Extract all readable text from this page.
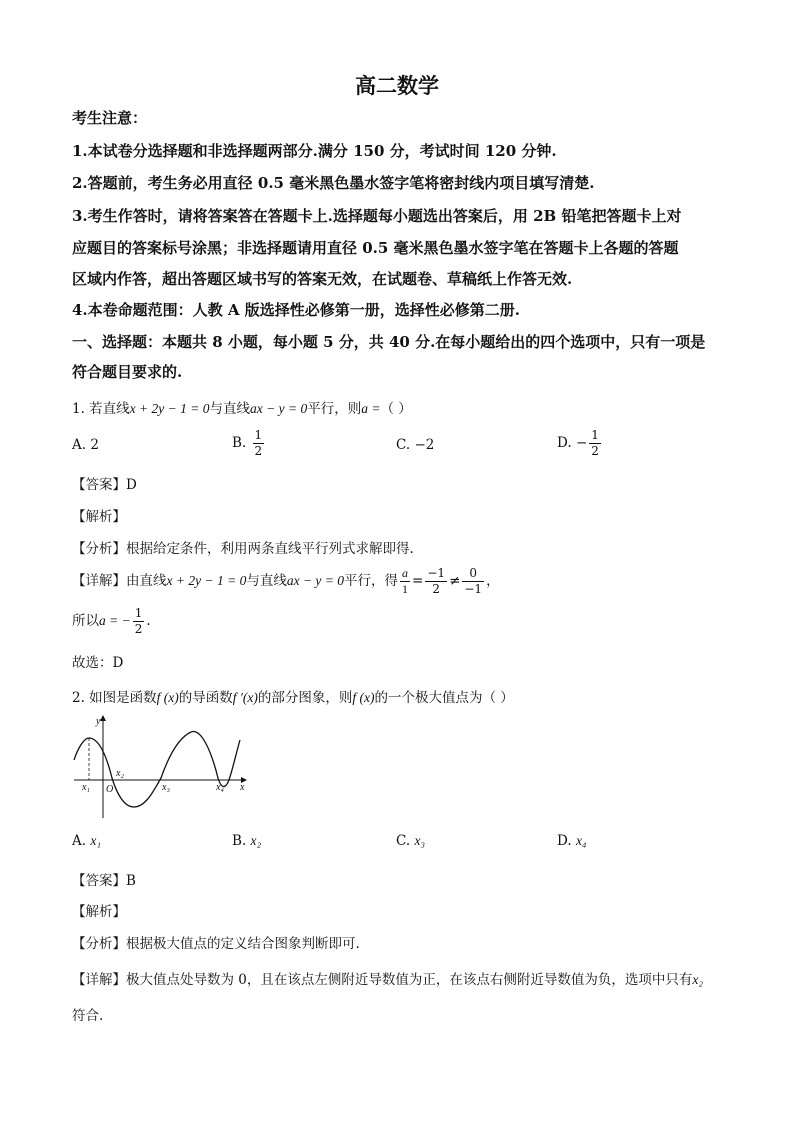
高二数学
考生注意：
1.本试卷分选择题和非选择题两部分.满分 150 分，考试时间 120 分钟.
2.答题前，考生务必用直径 0.5 毫米黑色墨水签字笔将密封线内项目填写清楚.
3.考生作答时，请将答案答在答题卡上.选择题每小题选出答案后，用 2B 铅笔把答题卡上对
应题目的答案标号涂黑；非选择题请用直径 0.5 毫米黑色墨水签字笔在答题卡上各题的答题
区域内作答，超出答题区域书写的答案无效，在试题卷、草稿纸上作答无效.
4.本卷命题范围：人教 A 版选择性必修第一册，选择性必修第二册.
一、选择题：本题共 8 小题，每小题 5 分，共 40 分.在每小题给出的四个选项中，只有一项是
符合题目要求的.
1. 若直线x + 2y − 1 = 0与直线ax − y = 0平行，则a =（ ）
A. 2	B. $\frac{1}{2}$	C. −2	D. − $\frac{1}{2}$
【答案】D
【解析】
【分析】根据给定条件，利用两条直线平行列式求解即得.
【详解】由直线x + 2y − 1 = 0与直线ax − y = 0平行，得 $\frac{a}{1} = \frac{-1}{2} \ne \frac{0}{-1}$ ，
所以a = − $\frac{1}{2}$ .
故选：D
2. 如图是函数f (x)的导函数f ′(x)的部分图象，则f (x)的一个极大值点为（ ）
y
x
O
x₁
x₂
x₃	x₄
A. x₁	B. x₂	C. x₃	D. x₄
【答案】B
【解析】
【分析】根据极大值点的定义结合图象判断即可.
【详解】极大值点处导数为 0，且在该点左侧附近导数值为正，在该点右侧附近导数值为负，选项中只有x₂
符合.
